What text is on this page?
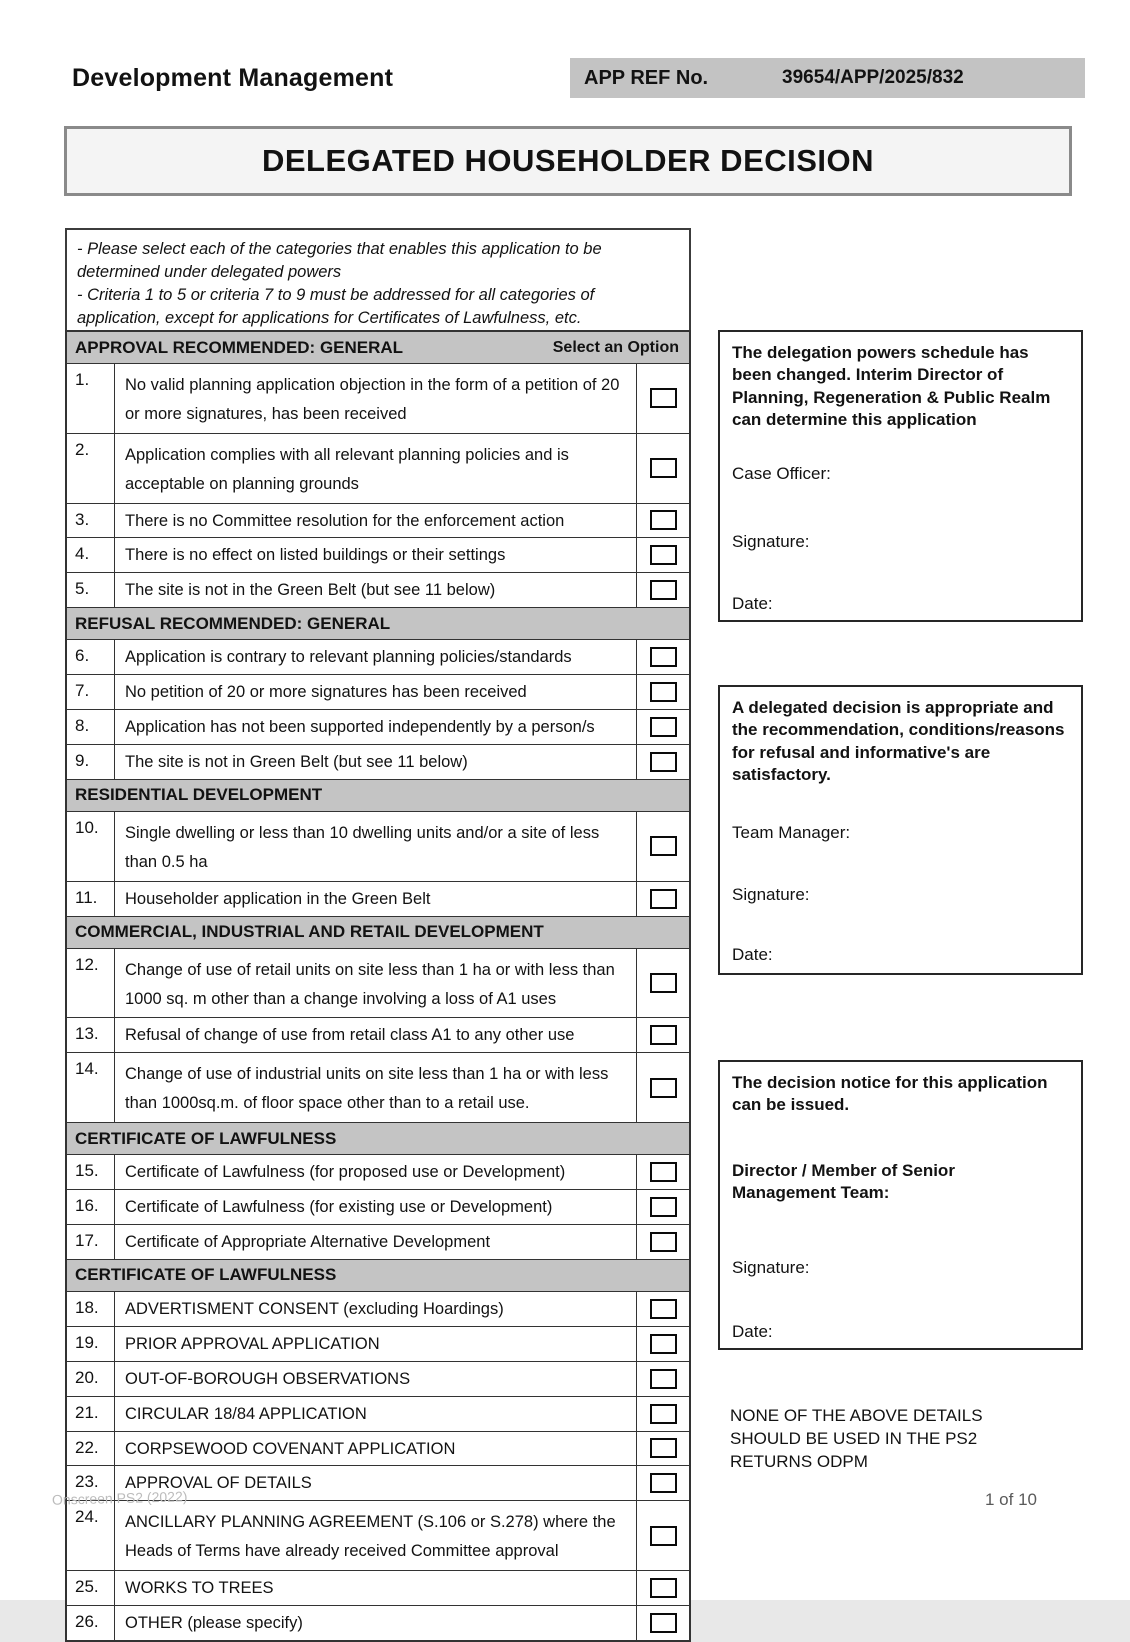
Development Management	APP REF No.	39654/APP/2025/832
DELEGATED HOUSEHOLDER DECISION
- Please select each of the categories that enables this application to be determined under delegated powers
- Criteria 1 to 5 or criteria 7 to 9 must be addressed for all categories of application, except for applications for Certificates of Lawfulness, etc.
APPROVAL RECOMMENDED: GENERAL	Select an Option
1.	No valid planning application objection in the form of a petition of 20 or more signatures, has been received
2.	Application complies with all relevant planning policies and is acceptable on planning grounds
3.	There is no Committee resolution for the enforcement action
4.	There is no effect on listed buildings or their settings
5.	The site is not in the Green Belt (but see 11 below)
REFUSAL RECOMMENDED: GENERAL
6.	Application is contrary to relevant planning policies/standards
7.	No petition of 20 or more signatures has been received
8.	Application has not been supported independently by a person/s
9.	The site is not in Green Belt (but see 11 below)
RESIDENTIAL DEVELOPMENT
10.	Single dwelling or less than 10 dwelling units and/or a site of less than 0.5 ha
11.	Householder application in the Green Belt
COMMERCIAL, INDUSTRIAL AND RETAIL DEVELOPMENT
12.	Change of use of retail units on site less than 1 ha or with less than 1000 sq. m other than a change involving a loss of A1 uses
13.	Refusal of change of use from retail class A1 to any other use
14.	Change of use of industrial units on site less than 1 ha or with less than 1000sq.m. of floor space other than to a retail use.
CERTIFICATE OF LAWFULNESS
15.	Certificate of Lawfulness (for proposed use or Development)
16.	Certificate of Lawfulness (for existing use or Development)
17.	Certificate of Appropriate Alternative Development
CERTIFICATE OF LAWFULNESS
18.	ADVERTISMENT CONSENT (excluding Hoardings)
19.	PRIOR APPROVAL APPLICATION
20.	OUT-OF-BOROUGH OBSERVATIONS
21.	CIRCULAR 18/84 APPLICATION
22.	CORPSEWOOD COVENANT APPLICATION
23.	APPROVAL OF DETAILS
24.	ANCILLARY PLANNING AGREEMENT (S.106 or S.278) where the Heads of Terms have already received Committee approval
25.	WORKS TO TREES
26.	OTHER (please specify)
The delegation powers schedule has been changed. Interim Director of Planning, Regeneration & Public Realm can determine this application
Case Officer:
Signature:
Date:
A delegated decision is appropriate and the recommendation, conditions/reasons for refusal and informative's are satisfactory.
Team Manager:
Signature:
Date:
The decision notice for this application can be issued.
Director / Member of Senior Management Team:
Signature:
Date:
NONE OF THE ABOVE DETAILS SHOULD BE USED IN THE PS2 RETURNS ODPM
1 of 10
Onscreen PS2 (2022)
